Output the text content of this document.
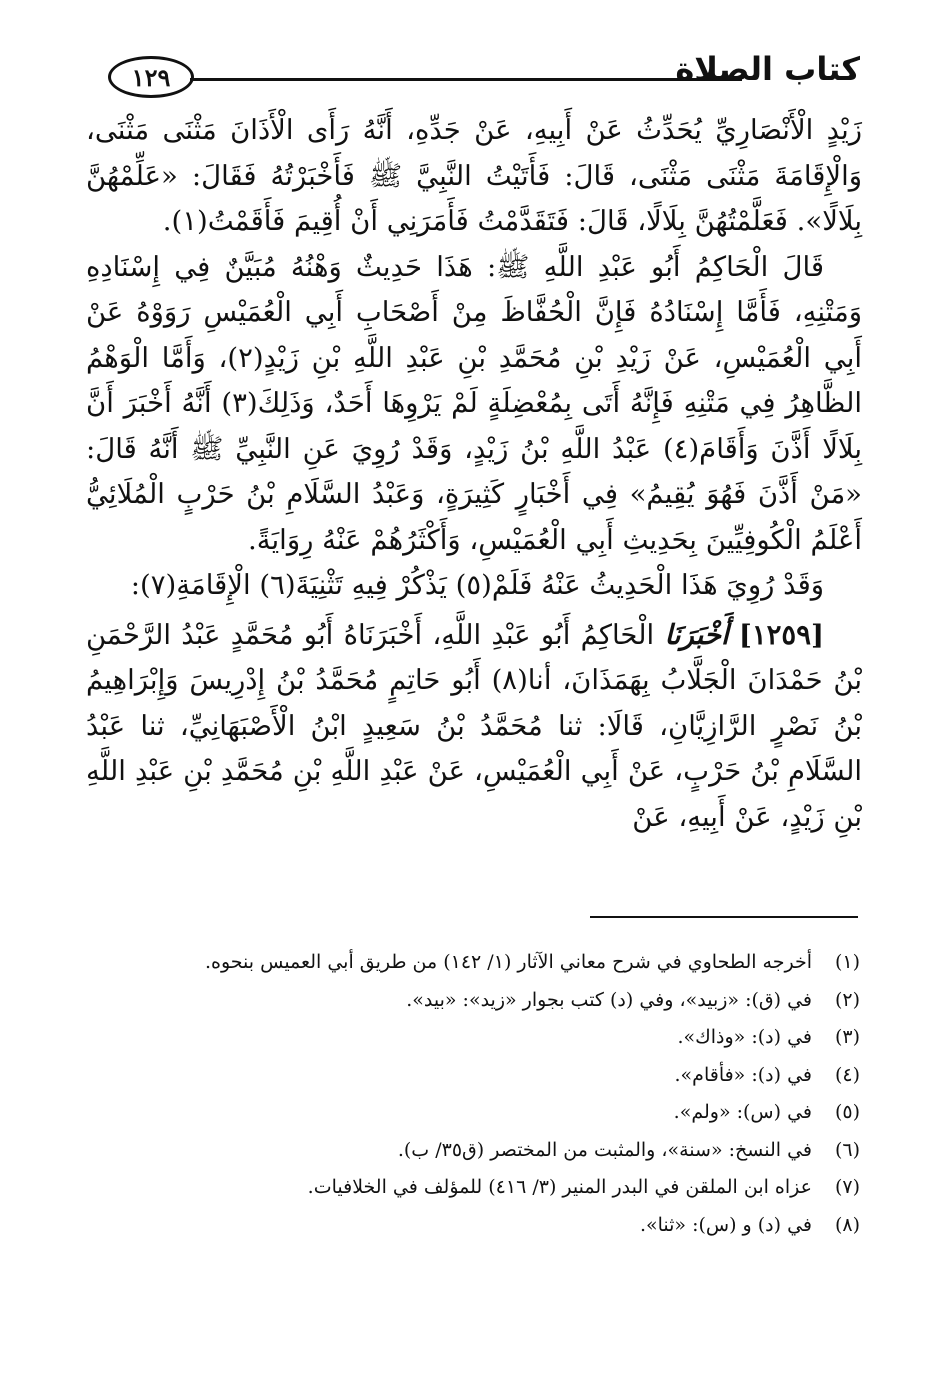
١٢٩	كتاب الصلاة

زَيْدٍ الْأَنْصَارِيِّ يُحَدِّثُ عَنْ أَبِيهِ، عَنْ جَدِّهِ، أَنَّهُ رَأَى الْأَذَانَ مَثْنَى مَثْنَى، وَالْإِقَامَةَ مَثْنَى مَثْنَى، قَالَ: فَأَتَيْتُ النَّبِيَّ ﷺ فَأَخْبَرْتُهُ فَقَالَ: «عَلِّمْهُنَّ بِلَالًا». فَعَلَّمْتُهُنَّ بِلَالًا، قَالَ: فَتَقَدَّمْتُ فَأَمَرَنِي أَنْ أُقِيمَ فَأَقَمْتُ(١).

قَالَ الْحَاكِمُ أَبُو عَبْدِ اللَّهِ ﷺ: هَذَا حَدِيثٌ وَهْنُهُ مُبَيَّنٌ فِي إِسْنَادِهِ وَمَتْنِهِ، فَأَمَّا إِسْنَادُهُ فَإِنَّ الْحُفَّاظَ مِنْ أَصْحَابِ أَبِي الْعُمَيْسِ رَوَوْهُ عَنْ أَبِي الْعُمَيْسِ، عَنْ زَيْدِ بْنِ مُحَمَّدِ بْنِ عَبْدِ اللَّهِ بْنِ زَيْدٍ(٢)، وَأَمَّا الْوَهْمُ الظَّاهِرُ فِي مَتْنِهِ فَإِنَّهُ أَتَى بِمُعْضِلَةٍ لَمْ يَرْوِهَا أَحَدٌ، وَذَلِكَ(٣) أَنَّهُ أَخْبَرَ أَنَّ بِلَالًا أَذَّنَ وَأَقَامَ(٤) عَبْدُ اللَّهِ بْنُ زَيْدٍ، وَقَدْ رُوِيَ عَنِ النَّبِيِّ ﷺ أَنَّهُ قَالَ: «مَنْ أَذَّنَ فَهُوَ يُقِيمُ» فِي أَخْبَارٍ كَثِيرَةٍ، وَعَبْدُ السَّلَامِ بْنُ حَرْبٍ الْمُلَائِيُّ أَعْلَمُ الْكُوفِيِّينَ بِحَدِيثِ أَبِي الْعُمَيْسِ، وَأَكْثَرُهُمْ عَنْهُ رِوَايَةً.

وَقَدْ رُوِيَ هَذَا الْحَدِيثُ عَنْهُ فَلَمْ(٥) يَذْكُرْ فِيهِ تَثْنِيَةَ(٦) الْإِقَامَةِ(٧):

[١٢٥٩] أَخْبَرَنَا الْحَاكِمُ أَبُو عَبْدِ اللَّهِ، أَخْبَرَنَاهُ أَبُو مُحَمَّدٍ عَبْدُ الرَّحْمَنِ بْنُ حَمْدَانَ الْجَلَّابُ بِهَمَذَانَ، أنا(٨) أَبُو حَاتِمٍ مُحَمَّدُ بْنُ إِدْرِيسَ وَإِبْرَاهِيمُ بْنُ نَصْرٍ الرَّازِيَّانِ، قَالَا: ثنا مُحَمَّدُ بْنُ سَعِيدٍ ابْنُ الْأَصْبَهَانِيِّ، ثنا عَبْدُ السَّلَامِ بْنُ حَرْبٍ، عَنْ أَبِي الْعُمَيْسِ، عَنْ عَبْدِ اللَّهِ بْنِ مُحَمَّدِ بْنِ عَبْدِ اللَّهِ بْنِ زَيْدٍ، عَنْ أَبِيهِ، عَنْ

(١)
أخرجه الطحاوي في شرح معاني الآثار (١/ ١٤٢) من طريق أبي العميس بنحوه.
(٢)
في (ق): «زبيد»، وفي (د) كتب بجوار «زيد»: «بيد».
(٣)
في (د): «وذاك».
(٤)
في (د): «فأقام».
(٥)
في (س): «ولم».
(٦)
في النسخ: «سنة»، والمثبت من المختصر (ق٣٥/ ب).
(٧)
عزاه ابن الملقن في البدر المنير (٣/ ٤١٦) للمؤلف في الخلافيات.
(٨)
في (د) و (س): «ثنا».
